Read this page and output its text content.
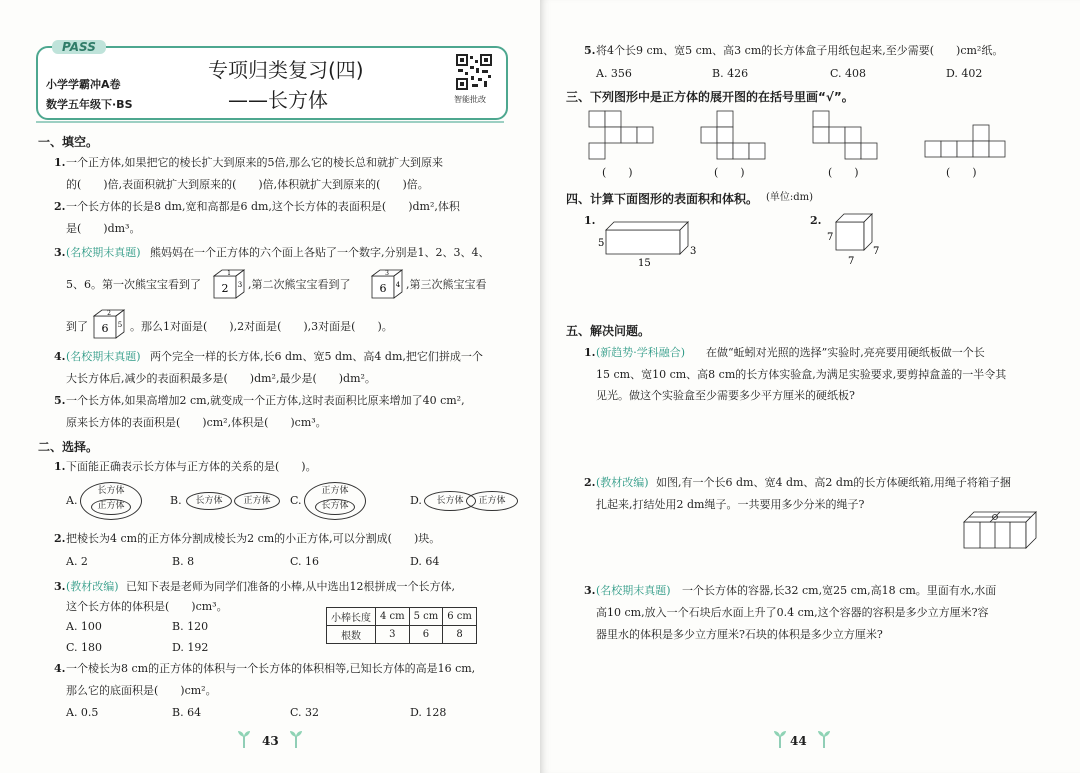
PASS
小学学霸冲A卷
数学五年级下·BS
专项归类复习(四)
——长方体	智能批改
一、填空。
1. 一个正方体,如果把它的棱长扩大到原来的5倍,那么它的棱长总和就扩大到原来
的(　　)倍,表面积就扩大到原来的(　　)倍,体积就扩大到原来的(　　)倍。
2. 一个长方体的长是8 dm,宽和高都是6 dm,这个长方体的表面积是(　　)dm²,体积
是(　　)dm³。
3. (名校期末真题) 熊妈妈在一个正方体的六个面上各贴了一个数字,分别是1、2、3、4、
5、6。第一次熊宝宝看到了 2
1
3 ,第二次熊宝宝看到了	6
3
4 ,第三次熊宝宝看
到了 6
2
5 。那么1对面是(　　),2对面是(　　),3对面是(　　)。
4. (名校期末真题) 两个完全一样的长方体,长6 dm、宽5 dm、高4 dm,把它们拼成一个
大长方体后,减少的表面积最多是(　　)dm²,最少是(　　)dm²。
5. 一个长方体,如果高增加2 cm,就变成一个正方体,这时表面积比原来增加了40 cm²,
原来长方体的表面积是(　　)cm²,体积是(　　)cm³。
二、选择。
1. 下面能正确表示长方体与正方体的关系的是(　　)。
A.
长方体
正方体	B.	长方体	正方体	C.
正方体
长方体	D.	长方体	正方体
2. 把棱长为4 cm的正方体分割成棱长为2 cm的小正方体,可以分割成(　　)块。
A. 2	B. 8	C. 16	D. 64
3. (教材改编) 已知下表是老师为同学们准备的小棒,从中选出12根拼成一个长方体,
这个长方体的体积是(　　)cm³。
A. 100	B. 120
C. 180	D. 192
小棒长度	4 cm	5 cm	6 cm
根数	3	6	8
4. 一个棱长为8 cm的正方体的体积与一个长方体的体积相等,已知长方体的高是16 cm,
那么它的底面积是(　　)cm²。
A. 0.5	B. 64	C. 32	D. 128
43
5. 将4个长9 cm、宽5 cm、高3 cm的长方体盒子用纸包起来,至少需要(　　)cm²纸。
A. 356	B. 426	C. 408	D. 402
三、下列图形中是正方体的展开图的在括号里画“√”。
(　　)	(　　)	(　　)	(　　)
四、计算下面图形的表面积和体积。 (单位:dm)
1.
5
3
15
2.
7
7
7
五、解决问题。
1. (新趋势·学科融合) 在做“蚯蚓对光照的选择”实验时,亮亮要用硬纸板做一个长
15 cm、宽10 cm、高8 cm的长方体实验盒,为满足实验要求,要剪掉盒盖的一半令其
见光。做这个实验盒至少需要多少平方厘米的硬纸板?
2. (教材改编) 如图,有一个长6 dm、宽4 dm、高2 dm的长方体硬纸箱,用绳子将箱子捆
扎起来,打结处用2 dm绳子。一共要用多少分米的绳子?
3. (名校期末真题) 一个长方体的容器,长32 cm,宽25 cm,高18 cm。里面有水,水面
高10 cm,放入一个石块后水面上升了0.4 cm,这个容器的容积是多少立方厘米?容
器里水的体积是多少立方厘米?石块的体积是多少立方厘米?
44
